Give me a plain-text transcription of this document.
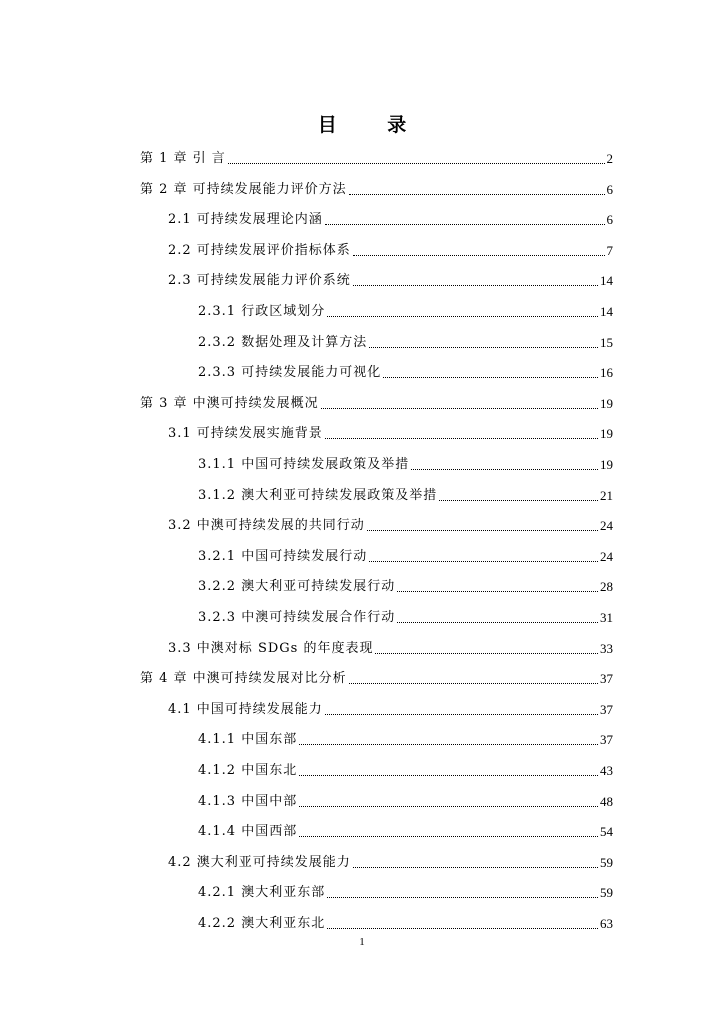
目 录
第 1 章 引 言	2
第 2 章 可持续发展能力评价方法	6
2.1 可持续发展理论内涵	6
2.2 可持续发展评价指标体系	7
2.3 可持续发展能力评价系统	14
2.3.1 行政区域划分	14
2.3.2 数据处理及计算方法	15
2.3.3 可持续发展能力可视化	16
第 3 章 中澳可持续发展概况	19
3.1 可持续发展实施背景	19
3.1.1 中国可持续发展政策及举措	19
3.1.2 澳大利亚可持续发展政策及举措	21
3.2 中澳可持续发展的共同行动	24
3.2.1 中国可持续发展行动	24
3.2.2 澳大利亚可持续发展行动	28
3.2.3 中澳可持续发展合作行动	31
3.3 中澳对标 SDGs 的年度表现	33
第 4 章 中澳可持续发展对比分析	37
4.1 中国可持续发展能力	37
4.1.1 中国东部	37
4.1.2 中国东北	43
4.1.3 中国中部	48
4.1.4 中国西部	54
4.2 澳大利亚可持续发展能力	59
4.2.1 澳大利亚东部	59
4.2.2 澳大利亚东北	63
1
